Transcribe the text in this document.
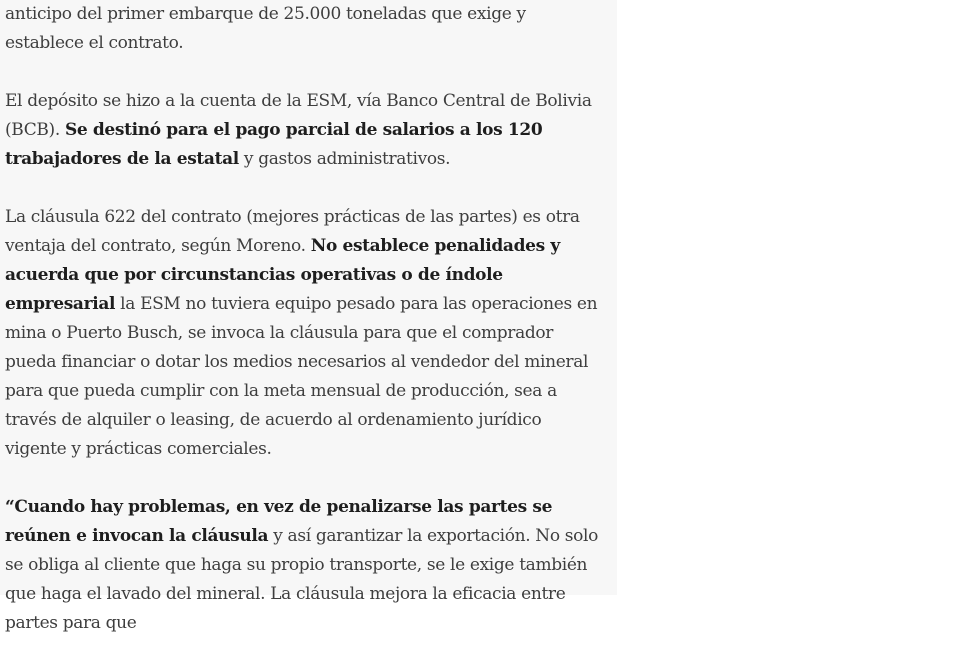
anticipo del primer embarque de 25.000 toneladas que exige y establece el contrato.

El depósito se hizo a la cuenta de la ESM, vía Banco Central de Bolivia (BCB). Se destinó para el pago parcial de salarios a los 120 trabajadores de la estatal y gastos administrativos.

La cláusula 622 del contrato (mejores prácticas de las partes) es otra ventaja del contrato, según Moreno. No establece penalidades y acuerda que por circunstancias operativas o de índole empresarial la ESM no tuviera equipo pesado para las operaciones en mina o Puerto Busch, se invoca la cláusula para que el comprador pueda financiar o dotar los medios necesarios al vendedor del mineral para que pueda cumplir con la meta mensual de producción, sea a través de alquiler o leasing, de acuerdo al ordenamiento jurídico vigente y prácticas comerciales.

“Cuando hay problemas, en vez de penalizarse las partes se reúnen e invocan la cláusula y así garantizar la exportación. No solo se obliga al cliente que haga su propio transporte, se le exige también que haga el lavado del mineral. La cláusula mejora la eficacia entre partes para que
